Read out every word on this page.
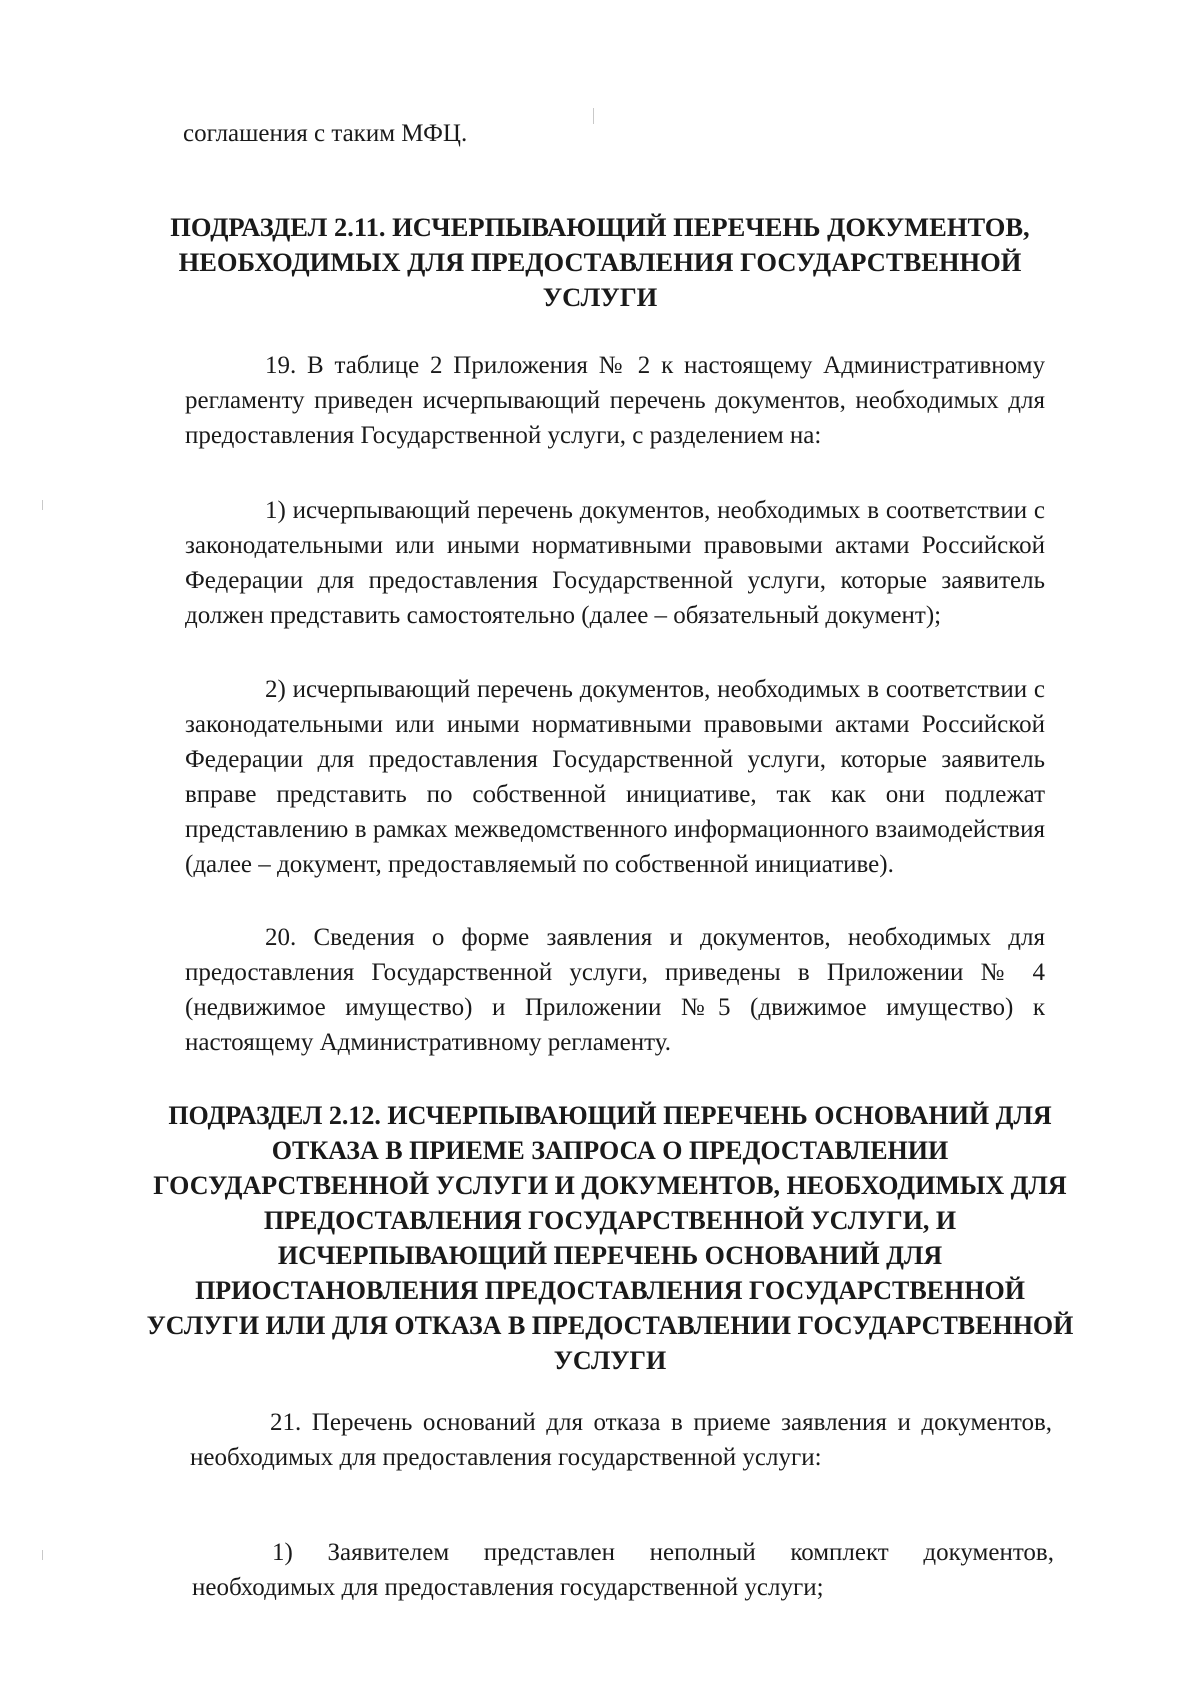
соглашения с таким МФЦ.
ПОДРАЗДЕЛ 2.11. ИСЧЕРПЫВАЮЩИЙ ПЕРЕЧЕНЬ ДОКУМЕНТОВ,
НЕОБХОДИМЫХ ДЛЯ ПРЕДОСТАВЛЕНИЯ ГОСУДАРСТВЕННОЙ
УСЛУГИ
19. В таблице 2 Приложения № 2 к настоящему Административному регламенту приведен исчерпывающий перечень документов, необходимых для предоставления Государственной услуги, с разделением на:
1) исчерпывающий перечень документов, необходимых в соответствии с законодательными или иными нормативными правовыми актами Российской Федерации для предоставления Государственной услуги, которые заявитель должен представить самостоятельно (далее – обязательный документ);
2) исчерпывающий перечень документов, необходимых в соответствии с законодательными или иными нормативными правовыми актами Российской Федерации для предоставления Государственной услуги, которые заявитель вправе представить по собственной инициативе, так как они подлежат представлению в рамках межведомственного информационного взаимодействия (далее – документ, предоставляемый по собственной инициативе).
20. Сведения о форме заявления и документов, необходимых для предоставления Государственной услуги, приведены в Приложении № 4 (недвижимое имущество) и Приложении №5 (движимое имущество) к настоящему Административному регламенту.
ПОДРАЗДЕЛ 2.12. ИСЧЕРПЫВАЮЩИЙ ПЕРЕЧЕНЬ ОСНОВАНИЙ ДЛЯ
ОТКАЗА В ПРИЕМЕ ЗАПРОСА О ПРЕДОСТАВЛЕНИИ
ГОСУДАРСТВЕННОЙ УСЛУГИ И ДОКУМЕНТОВ, НЕОБХОДИМЫХ ДЛЯ
ПРЕДОСТАВЛЕНИЯ ГОСУДАРСТВЕННОЙ УСЛУГИ, И
ИСЧЕРПЫВАЮЩИЙ ПЕРЕЧЕНЬ ОСНОВАНИЙ ДЛЯ
ПРИОСТАНОВЛЕНИЯ ПРЕДОСТАВЛЕНИЯ ГОСУДАРСТВЕННОЙ
УСЛУГИ ИЛИ ДЛЯ ОТКАЗА В ПРЕДОСТАВЛЕНИИ ГОСУДАРСТВЕННОЙ
УСЛУГИ
21. Перечень оснований для отказа в приеме заявления и документов, необходимых для предоставления государственной услуги:
1) Заявителем представлен неполный комплект документов, необходимых для предоставления государственной услуги;
